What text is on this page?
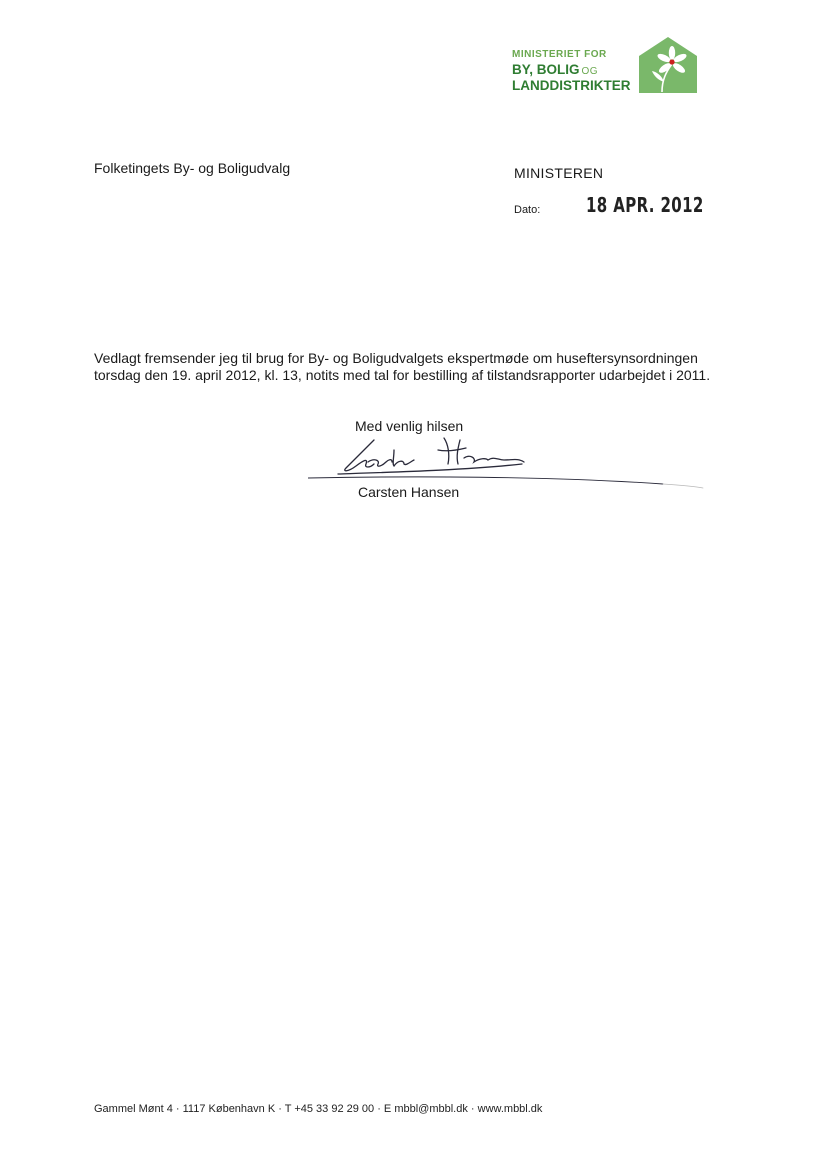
MINISTERIET FOR
BY, BOLIG OG
LANDDISTRIKTER
Folketingets By- og Boligudvalg	MINISTEREN
Dato: 18 APR. 2012

Vedlagt fremsender jeg til brug for By- og Boligudvalgets ekspertmøde om huseftersynsordningen

torsdag den 19. april 2012, kl. 13, notits med tal for bestilling af tilstandsrapporter udarbejdet i 2011.

Med venlig hilsen
Carsten Hansen
Gammel Mønt 4 · 1117 København K · T +45 33 92 29 00 · E mbbl@mbbl.dk · www.mbbl.dk
